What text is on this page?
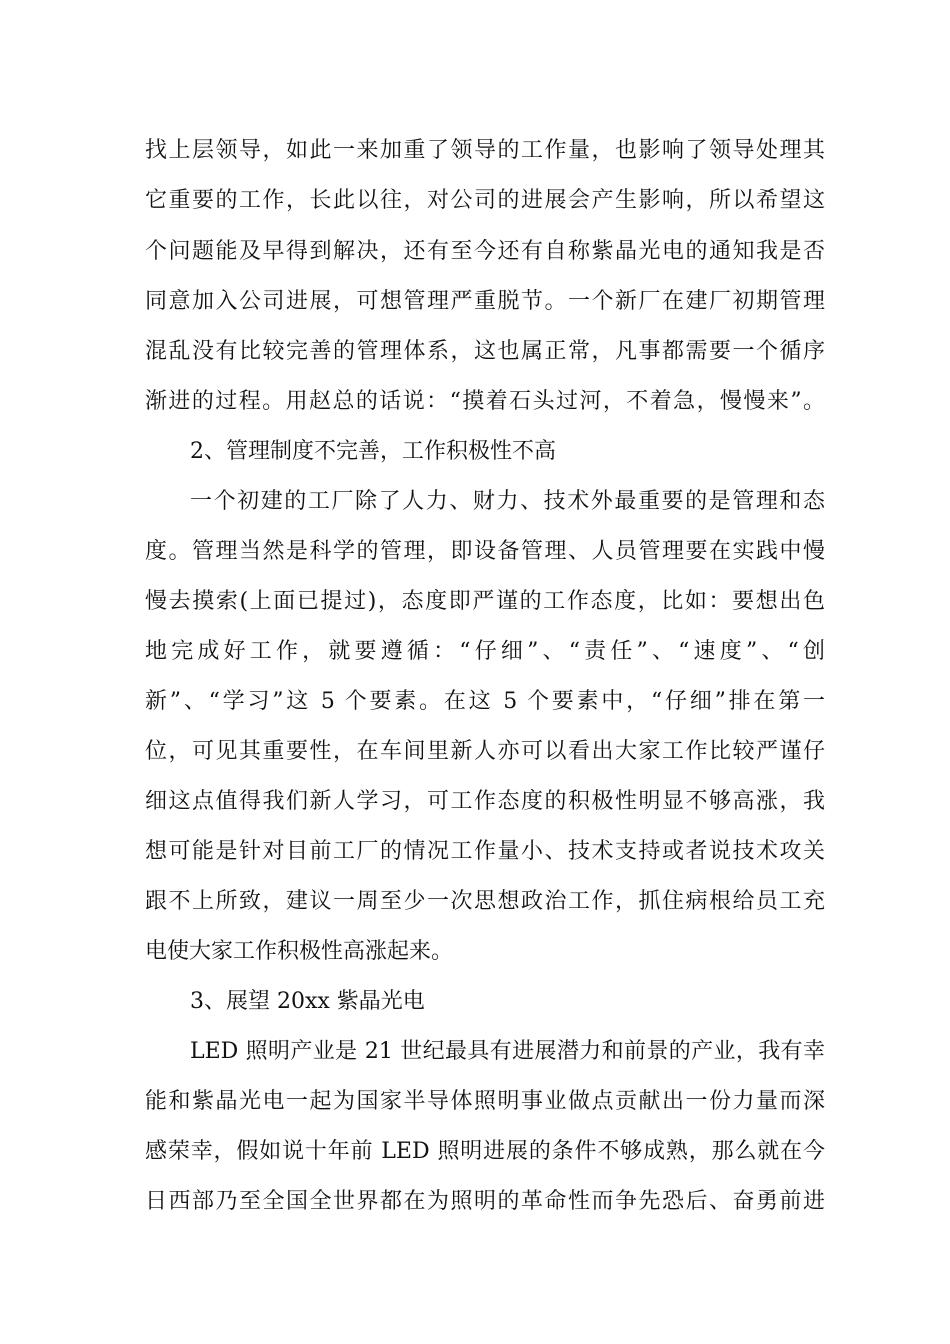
找上层领导，如此一来加重了领导的工作量，也影响了领导处理其
它重要的工作，长此以往，对公司的进展会产生影响，所以希望这
个问题能及早得到解决，还有至今还有自称紫晶光电的通知我是否
同意加入公司进展，可想管理严重脱节。一个新厂在建厂初期管理
混乱没有比较完善的管理体系，这也属正常，凡事都需要一个循序
渐进的过程。用赵总的话说：“摸着石头过河，不着急，慢慢来”。
2、管理制度不完善，工作积极性不高
一个初建的工厂除了人力、财力、技术外最重要的是管理和态
度。管理当然是科学的管理，即设备管理、人员管理要在实践中慢
慢去摸索(上面已提过)，态度即严谨的工作态度，比如：要想出色
地完成好工作，就要遵循：“仔细”、“责任”、“速度”、“创
新”、“学习”这 5 个要素。在这 5 个要素中，“仔细”排在第一
位，可见其重要性，在车间里新人亦可以看出大家工作比较严谨仔
细这点值得我们新人学习，可工作态度的积极性明显不够高涨，我
想可能是针对目前工厂的情况工作量小、技术支持或者说技术攻关
跟不上所致，建议一周至少一次思想政治工作，抓住病根给员工充
电使大家工作积极性高涨起来。
3、展望 20xx 紫晶光电
LED 照明产业是 21 世纪最具有进展潜力和前景的产业，我有幸
能和紫晶光电一起为国家半导体照明事业做点贡献出一份力量而深
感荣幸，假如说十年前 LED 照明进展的条件不够成熟，那么就在今
日西部乃至全国全世界都在为照明的革命性而争先恐后、奋勇前进
